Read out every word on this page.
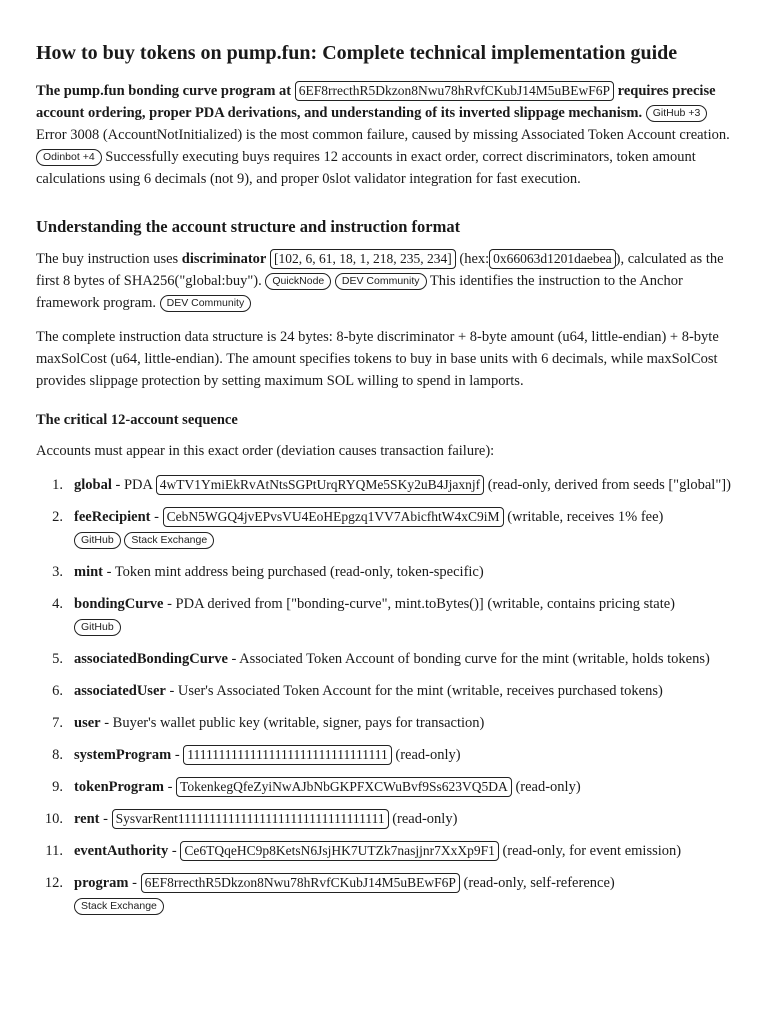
How to buy tokens on pump.fun: Complete technical implementation guide

The pump.fun bonding curve program at 6EF8rrecthR5Dkzon8Nwu78hRvfCKubJ14M5uBEwF6P requires precise account ordering, proper PDA derivations, and understanding of its inverted slippage mechanism. GitHub +3 Error 3008 (AccountNotInitialized) is the most common failure, caused by missing Associated Token Account creation. Odinbot +4 Successfully executing buys requires 12 accounts in exact order, correct discriminators, token amount calculations using 6 decimals (not 9), and proper 0slot validator integration for fast execution.

Understanding the account structure and instruction format

The buy instruction uses discriminator [102, 6, 61, 18, 1, 218, 235, 234] (hex: 0x66063d1201daebea ), calculated as the first 8 bytes of SHA256("global:buy"). QuickNode DEV Community This identifies the instruction to the Anchor framework program. DEV Community

The complete instruction data structure is 24 bytes: 8-byte discriminator + 8-byte amount (u64, little-endian) + 8-byte maxSolCost (u64, little-endian). The amount specifies tokens to buy in base units with 6 decimals, while maxSolCost provides slippage protection by setting maximum SOL willing to spend in lamports.

The critical 12-account sequence

Accounts must appear in this exact order (deviation causes transaction failure):

1. global - PDA 4wTV1YmiEkRvAtNtsSGPtUrqRYQMe5SKy2uB4Jjaxnjf (read-only, derived from seeds ["global"])
2. feeRecipient - CebN5WGQ4jvEPvsVU4EoHEpgzq1VV7AbicfhtW4xC9iM (writable, receives 1% fee)
GitHub Stack Exchange
3. mint - Token mint address being purchased (read-only, token-specific)
4. bondingCurve - PDA derived from ["bonding-curve", mint.toBytes()] (writable, contains pricing state)
GitHub
5. associatedBondingCurve - Associated Token Account of bonding curve for the mint (writable, holds tokens)
6. associatedUser - User's Associated Token Account for the mint (writable, receives purchased tokens)
7. user - Buyer's wallet public key (writable, signer, pays for transaction)
8. systemProgram - 11111111111111111111111111111111 (read-only)
9. tokenProgram - TokenkegQfeZyiNwAJbNbGKPFXCWuBvf9Ss623VQ5DA (read-only)
10. rent - SysvarRent111111111111111111111111111111111 (read-only)
11. eventAuthority - Ce6TQqeHC9p8KetsN6JsjHK7UTZk7nasjjnr7XxXp9F1 (read-only, for event emission)
12. program - 6EF8rrecthR5Dkzon8Nwu78hRvfCKubJ14M5uBEwF6P (read-only, self-reference)
Stack Exchange
